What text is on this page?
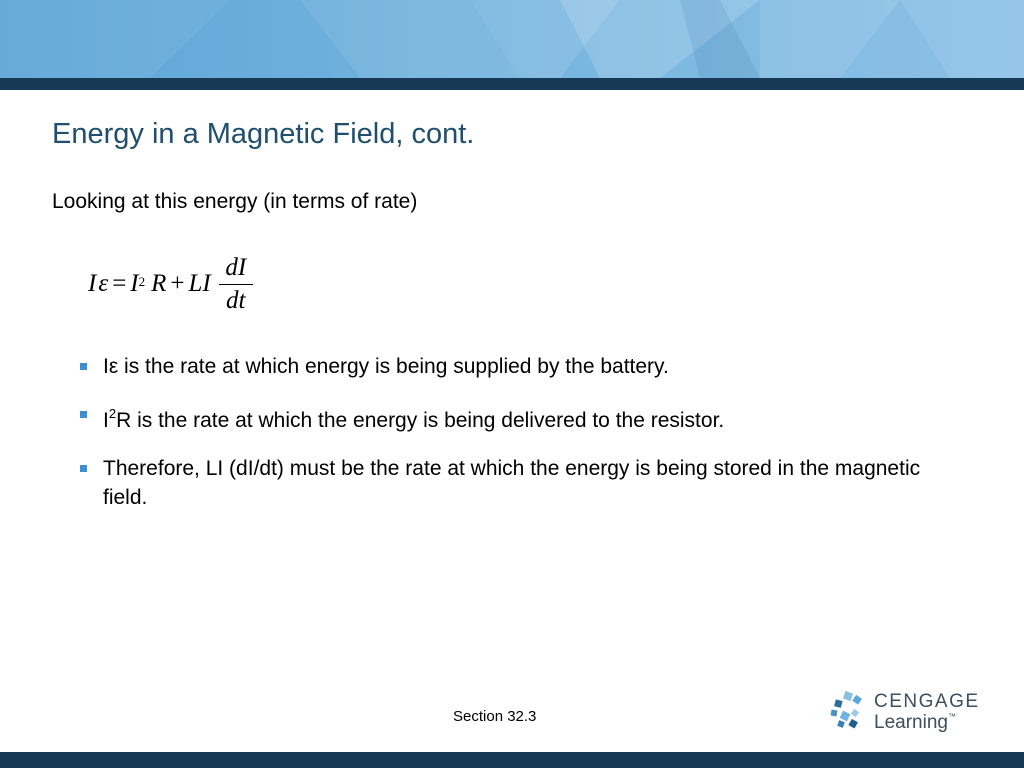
Energy in a Magnetic Field, cont.

Looking at this energy (in terms of rate)

I $\varepsilon = I^2$ R + LI $\frac{dI}{dt}$
Iε is the rate at which energy is being supplied by the battery.
$I^2R$ is the rate at which the energy is being delivered to the resistor.
Therefore, LI (dI/dt) must be the rate at which the energy is being stored in the magnetic field.
Section 32.3
CENGAGE
Learning™
